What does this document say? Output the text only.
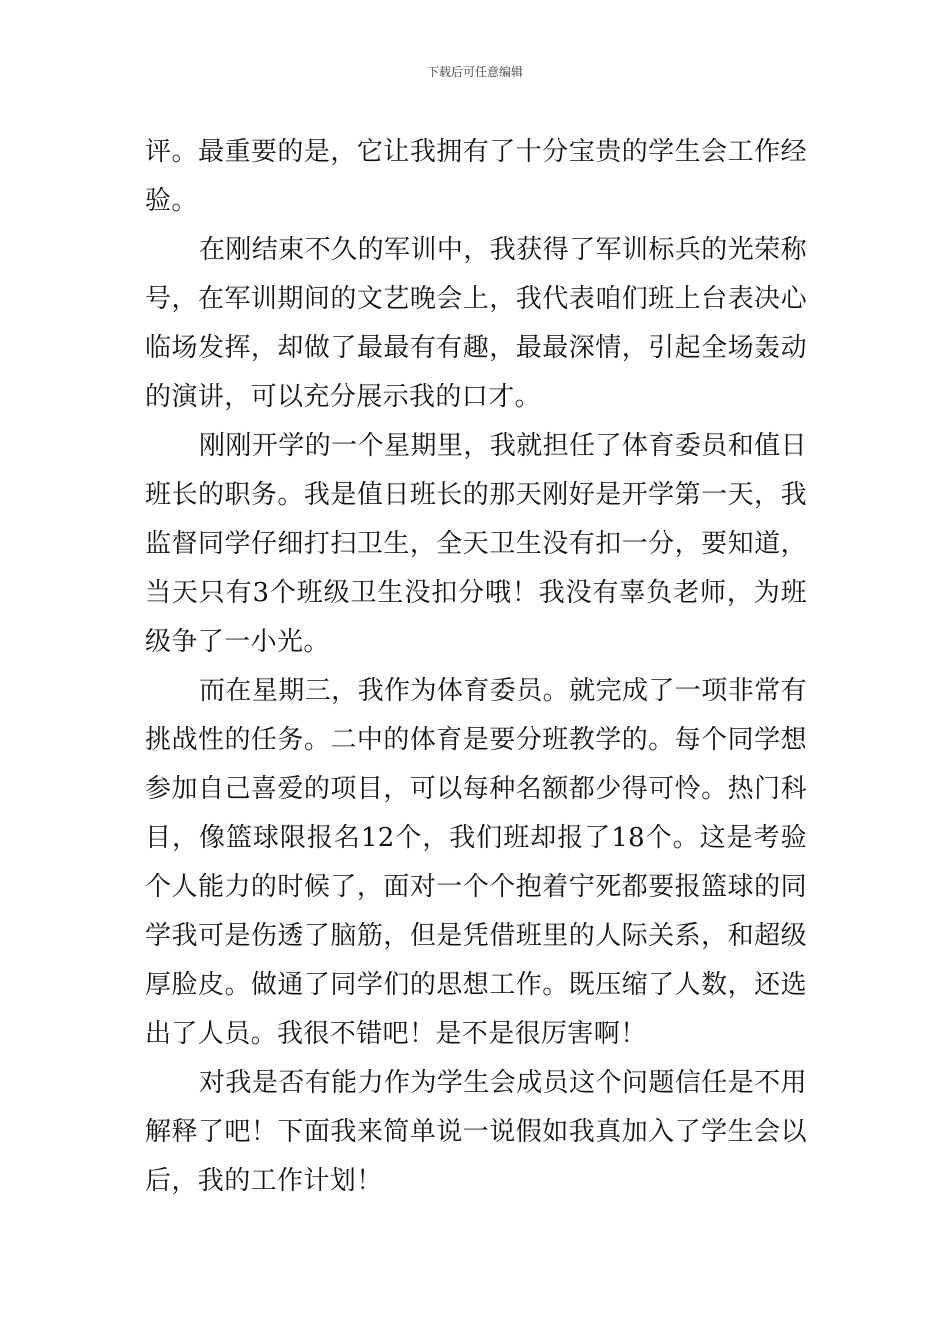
下载后可任意编辑

评。最重要的是，它让我拥有了十分宝贵的学生会工作经验。

在刚结束不久的军训中，我获得了军训标兵的光荣称号，在军训期间的文艺晚会上，我代表咱们班上台表决心临场发挥，却做了最最有有趣，最最深情，引起全场轰动的演讲，可以充分展示我的口才。

刚刚开学的一个星期里，我就担任了体育委员和值日班长的职务。我是值日班长的那天刚好是开学第一天，我监督同学仔细打扫卫生，全天卫生没有扣一分，要知道，当天只有3个班级卫生没扣分哦！我没有辜负老师，为班级争了一小光。

而在星期三，我作为体育委员。就完成了一项非常有挑战性的任务。二中的体育是要分班教学的。每个同学想参加自己喜爱的项目，可以每种名额都少得可怜。热门科目，像篮球限报名12个，我们班却报了18个。这是考验个人能力的时候了，面对一个个抱着宁死都要报篮球的同学我可是伤透了脑筋，但是凭借班里的人际关系，和超级厚脸皮。做通了同学们的思想工作。既压缩了人数，还选出了人员。我很不错吧！是不是很厉害啊！

对我是否有能力作为学生会成员这个问题信任是不用解释了吧！下面我来简单说一说假如我真加入了学生会以后，我的工作计划！
